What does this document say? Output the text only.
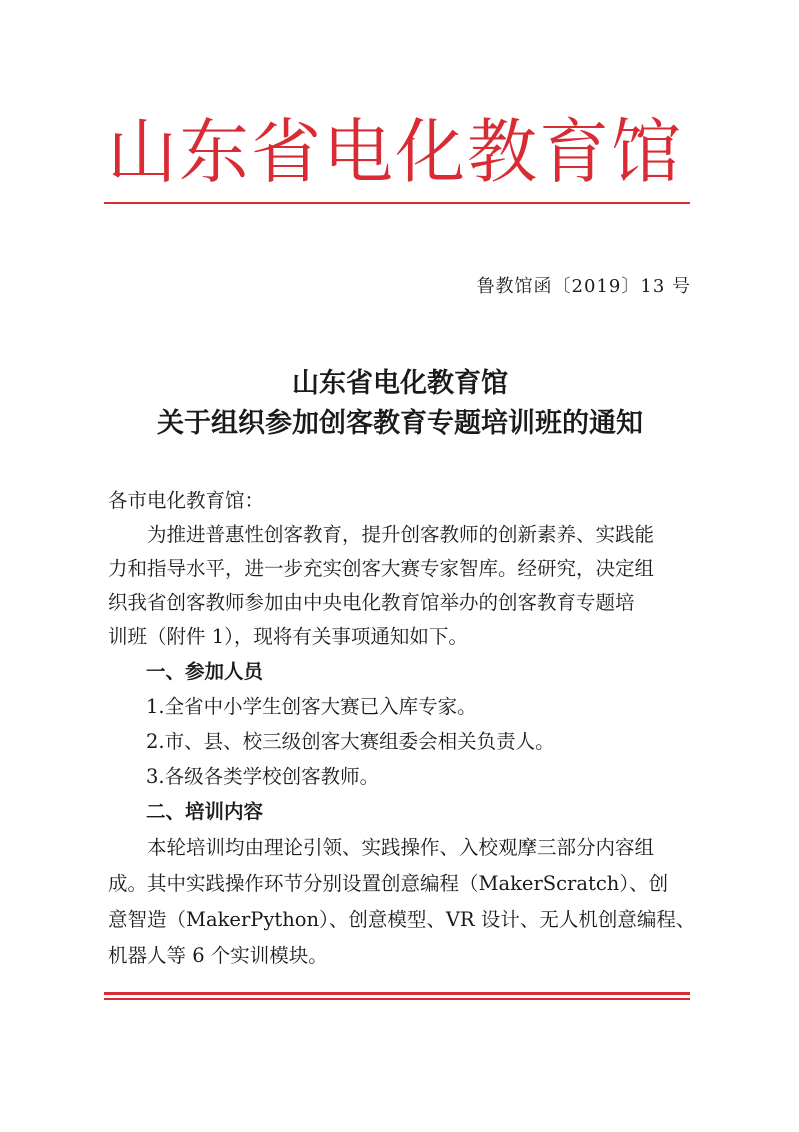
山东省电化教育馆
鲁教馆函〔2019〕13 号
山东省电化教育馆
关于组织参加创客教育专题培训班的通知
各市电化教育馆：
　　为推进普惠性创客教育，提升创客教师的创新素养、实践能
力和指导水平，进一步充实创客大赛专家智库。经研究，决定组
织我省创客教师参加由中央电化教育馆举办的创客教育专题培
训班（附件 1），现将有关事项通知如下。
一、参加人员
1.全省中小学生创客大赛已入库专家。
2.市、县、校三级创客大赛组委会相关负责人。
3.各级各类学校创客教师。
二、培训内容
　　本轮培训均由理论引领、实践操作、入校观摩三部分内容组
成。其中实践操作环节分别设置创意编程（MakerScratch）、创
意智造（MakerPython）、创意模型、VR 设计、无人机创意编程、
机器人等 6 个实训模块。
